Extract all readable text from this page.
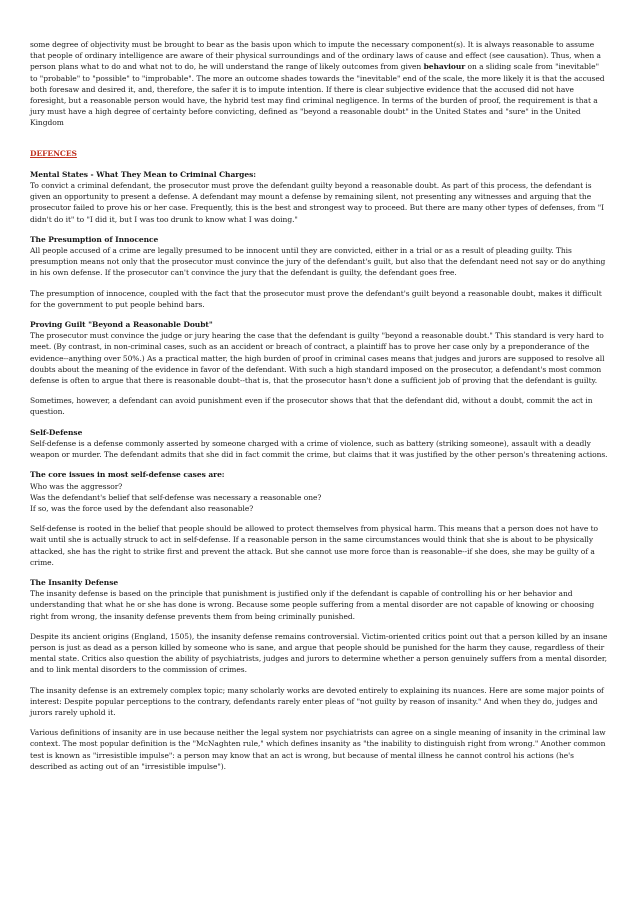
some degree of objectivity must be brought to bear as the basis upon which to impute the necessary component(s). It is always reasonable to assume that people of ordinary intelligence are aware of their physical surroundings and of the ordinary laws of cause and effect (see causation). Thus, when a person plans what to do and what not to do, he will understand the range of likely outcomes from given behaviour on a sliding scale from "inevitable" to "probable" to "possible" to "improbable". The more an outcome shades towards the "inevitable" end of the scale, the more likely it is that the accused both foresaw and desired it, and, therefore, the safer it is to impute intention. If there is clear subjective evidence that the accused did not have foresight, but a reasonable person would have, the hybrid test may find criminal negligence. In terms of the burden of proof, the requirement is that a jury must have a high degree of certainty before convicting, defined as "beyond a reasonable doubt" in the United States and "sure" in the United Kingdom

DEFENCES
Mental States - What They Mean to Criminal Charges:

To convict a criminal defendant, the prosecutor must prove the defendant guilty beyond a reasonable doubt. As part of this process, the defendant is given an opportunity to present a defense. A defendant may mount a defense by remaining silent, not presenting any witnesses and arguing that the prosecutor failed to prove his or her case. Frequently, this is the best and strongest way to proceed. But there are many other types of defenses, from "I didn't do it" to "I did it, but I was too drunk to know what I was doing."

The Presumption of Innocence

All people accused of a crime are legally presumed to be innocent until they are convicted, either in a trial or as a result of pleading guilty. This presumption means not only that the prosecutor must convince the jury of the defendant's guilt, but also that the defendant need not say or do anything in his own defense. If the prosecutor can't convince the jury that the defendant is guilty, the defendant goes free.

The presumption of innocence, coupled with the fact that the prosecutor must prove the defendant's guilt beyond a reasonable doubt, makes it difficult for the government to put people behind bars.

Proving Guilt "Beyond a Reasonable Doubt"

The prosecutor must convince the judge or jury hearing the case that the defendant is guilty "beyond a reasonable doubt." This standard is very hard to meet. (By contrast, in non-criminal cases, such as an accident or breach of contract, a plaintiff has to prove her case only by a preponderance of the evidence--anything over 50%.) As a practical matter, the high burden of proof in criminal cases means that judges and jurors are supposed to resolve all doubts about the meaning of the evidence in favor of the defendant. With such a high standard imposed on the prosecutor, a defendant's most common defense is often to argue that there is reasonable doubt--that is, that the prosecutor hasn't done a sufficient job of proving that the defendant is guilty.

Sometimes, however, a defendant can avoid punishment even if the prosecutor shows that that the defendant did, without a doubt, commit the act in question.

Self-Defense

Self-defense is a defense commonly asserted by someone charged with a crime of violence, such as battery (striking someone), assault with a deadly weapon or murder. The defendant admits that she did in fact commit the crime, but claims that it was justified by the other person's threatening actions.

The core issues in most self-defense cases are:
Who was the aggressor?
Was the defendant's belief that self-defense was necessary a reasonable one?
If so, was the force used by the defendant also reasonable?

Self-defense is rooted in the belief that people should be allowed to protect themselves from physical harm. This means that a person does not have to wait until she is actually struck to act in self-defense. If a reasonable person in the same circumstances would think that she is about to be physically attacked, she has the right to strike first and prevent the attack. But she cannot use more force than is reasonable--if she does, she may be guilty of a crime.

The Insanity Defense

The insanity defense is based on the principle that punishment is justified only if the defendant is capable of controlling his or her behavior and understanding that what he or she has done is wrong. Because some people suffering from a mental disorder are not capable of knowing or choosing right from wrong, the insanity defense prevents them from being criminally punished.

Despite its ancient origins (England, 1505), the insanity defense remains controversial. Victim-oriented critics point out that a person killed by an insane person is just as dead as a person killed by someone who is sane, and argue that people should be punished for the harm they cause, regardless of their mental state. Critics also question the ability of psychiatrists, judges and jurors to determine whether a person genuinely suffers from a mental disorder, and to link mental disorders to the commission of crimes.

The insanity defense is an extremely complex topic; many scholarly works are devoted entirely to explaining its nuances. Here are some major points of interest: Despite popular perceptions to the contrary, defendants rarely enter pleas of "not guilty by reason of insanity." And when they do, judges and jurors rarely uphold it.

Various definitions of insanity are in use because neither the legal system nor psychiatrists can agree on a single meaning of insanity in the criminal law context. The most popular definition is the "McNaghten rule," which defines insanity as "the inability to distinguish right from wrong." Another common test is known as "irresistible impulse": a person may know that an act is wrong, but because of mental illness he cannot control his actions (he's described as acting out of an "irresistible impulse").
